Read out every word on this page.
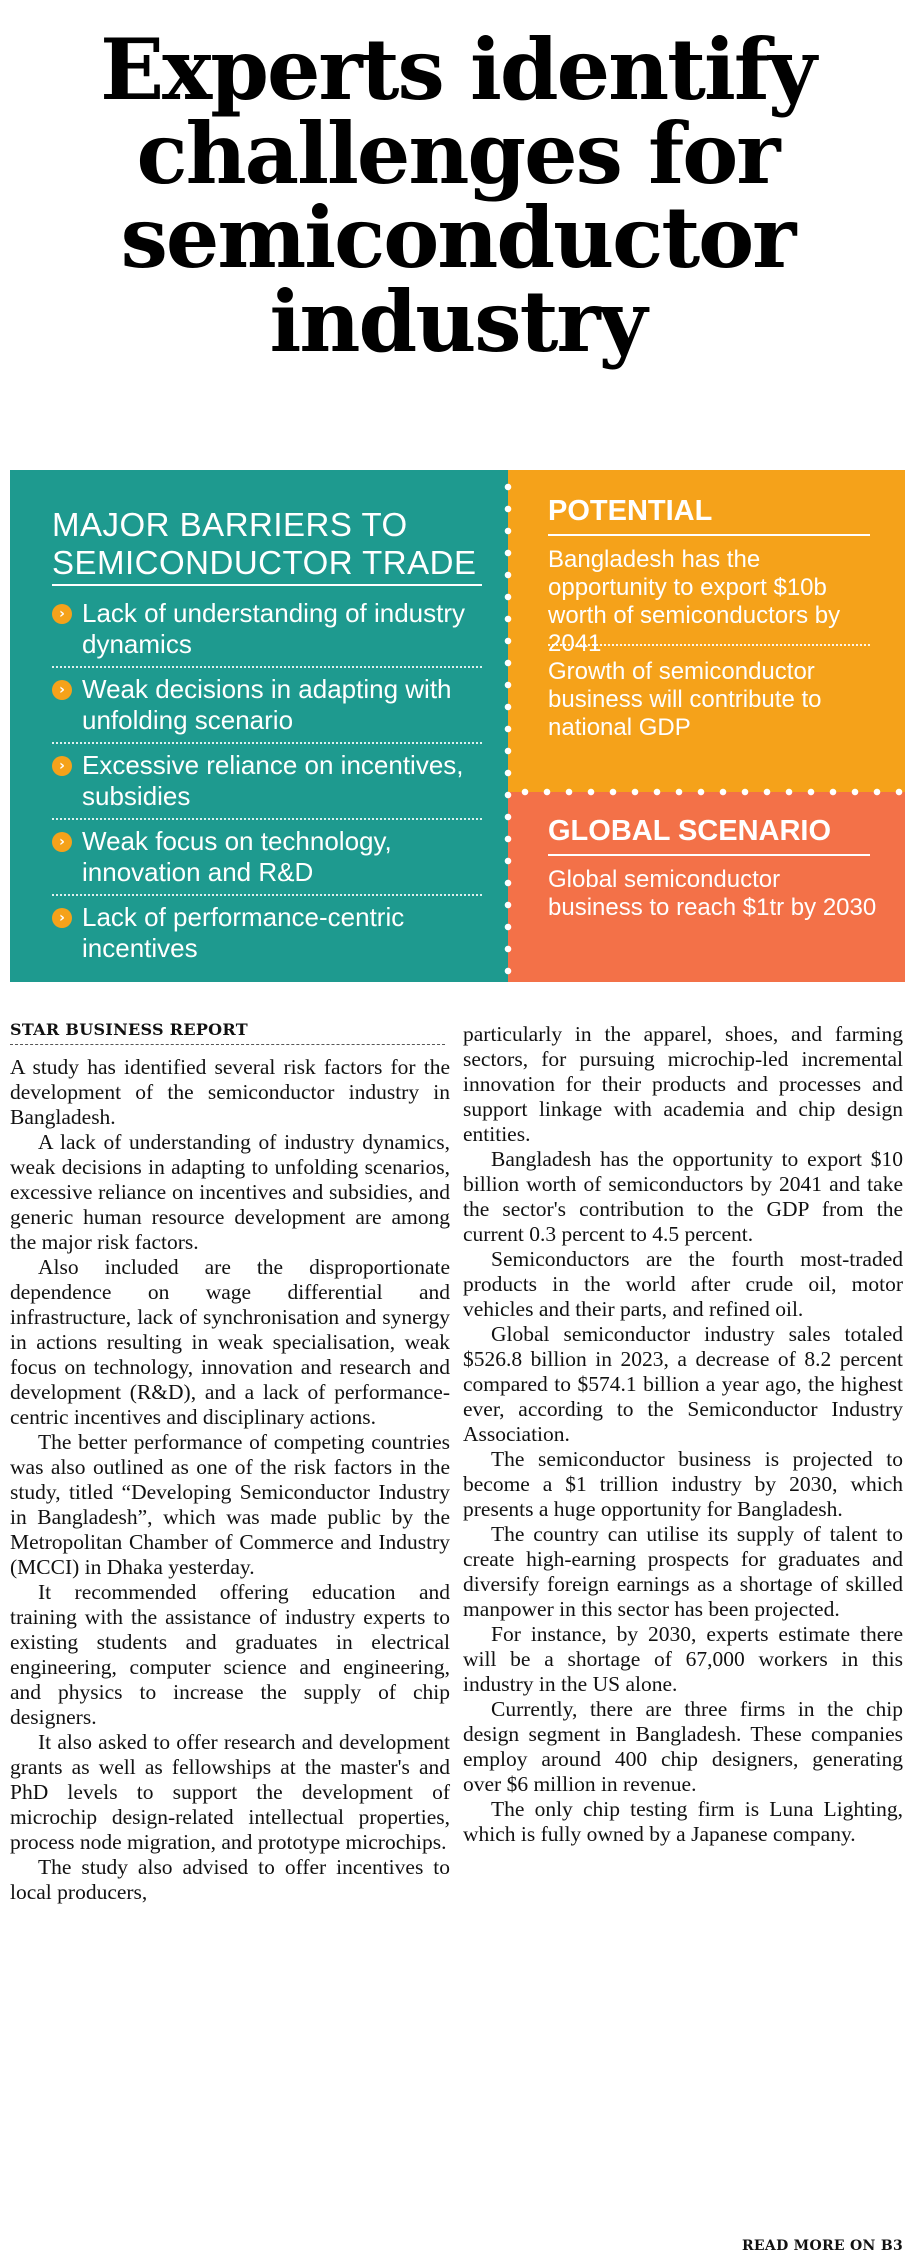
Experts identify
challenges for
semiconductor
industry
MAJOR BARRIERS TO
SEMICONDUCTOR TRADE
› Lack of understanding of industry dynamics
› Weak decisions in adapting with unfolding scenario
› Excessive reliance on incentives, subsidies
› Weak focus on technology, innovation and R&D
› Lack of performance-centric incentives
POTENTIAL

Bangladesh has the opportunity to export $10b worth of semiconductors by 2041

Growth of semiconductor business will contribute to national GDP

GLOBAL SCENARIO

Global semiconductor business to reach $1tr by 2030

STAR BUSINESS REPORT

A study has identified several risk factors for the development of the semiconductor industry in Bangladesh.

A lack of understanding of industry dynamics, weak decisions in adapting to unfolding scenarios, excessive reliance on incentives and subsidies, and generic human resource development are among the major risk factors.

Also included are the disproportionate dependence on wage differential and infrastructure, lack of synchronisation and synergy in actions resulting in weak specialisation, weak focus on technology, innovation and research and development (R&D), and a lack of performance-centric incentives and disciplinary actions.

The better performance of competing countries was also outlined as one of the risk factors in the study, titled “Developing Semiconductor Industry in Bangladesh”, which was made public by the Metropolitan Chamber of Commerce and Industry (MCCI) in Dhaka yesterday.

It recommended offering education and training with the assistance of industry experts to existing students and graduates in electrical engineering, computer science and engineering, and physics to increase the supply of chip designers.

It also asked to offer research and development grants as well as fellowships at the master's and PhD levels to support the development of microchip design-related intellectual properties, process node migration, and prototype microchips.

The study also advised to offer incentives to local producers,

particularly in the apparel, shoes, and farming sectors, for pursuing microchip-led incremental innovation for their products and processes and support linkage with academia and chip design entities.

Bangladesh has the opportunity to export $10 billion worth of semiconductors by 2041 and take the sector's contribution to the GDP from the current 0.3 percent to 4.5 percent.

Semiconductors are the fourth most-traded products in the world after crude oil, motor vehicles and their parts, and refined oil.

Global semiconductor industry sales totaled $526.8 billion in 2023, a decrease of 8.2 percent compared to $574.1 billion a year ago, the highest ever, according to the Semiconductor Industry Association.

The semiconductor business is projected to become a $1 trillion industry by 2030, which presents a huge opportunity for Bangladesh.

The country can utilise its supply of talent to create high-earning prospects for graduates and diversify foreign earnings as a shortage of skilled manpower in this sector has been projected.

For instance, by 2030, experts estimate there will be a shortage of 67,000 workers in this industry in the US alone.

Currently, there are three firms in the chip design segment in Bangladesh. These companies employ around 400 chip designers, generating over $6 million in revenue.

The only chip testing firm is Luna Lighting, which is fully owned by a Japanese company.

READ MORE ON B3
